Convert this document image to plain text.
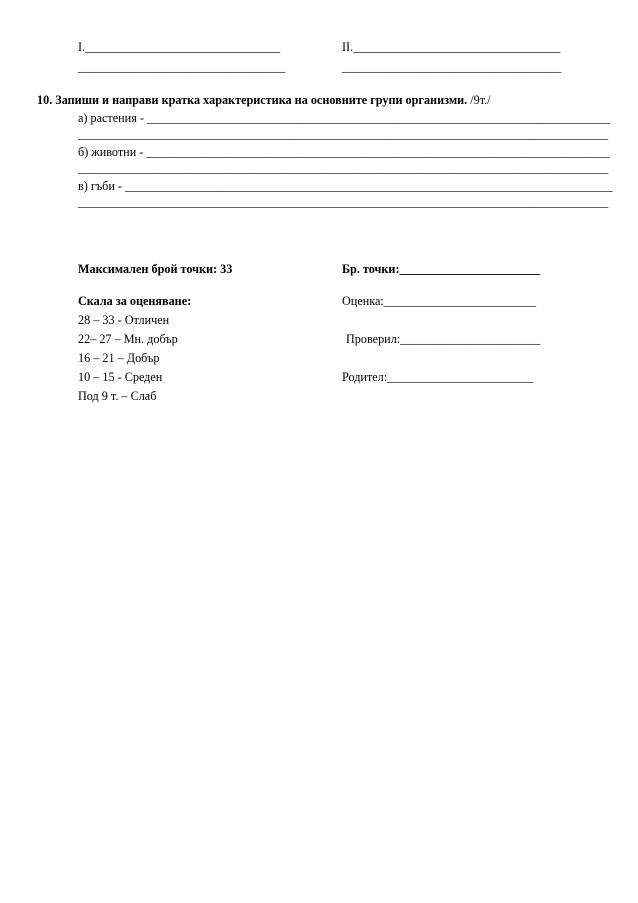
I.________________________________	II.__________________________________
__________________________________	____________________________________
10. Запиши и направи кратка характеристика на основните групи организми. /9т./
а) растения - ____________________________________________________________________________
_______________________________________________________________________________________
б) животни - ____________________________________________________________________________
_______________________________________________________________________________________
в) гъби - ________________________________________________________________________________
_______________________________________________________________________________________
Максимален брой точки: 33	Бр. точки:_______________________
Скала за оценяване:	Оценка:_________________________
28 – 33 - Отличен
22– 27 – Мн. добър	Проверил:_______________________
16 – 21 – Добър
10 – 15 - Среден	Родител:________________________
Под 9 т. – Слаб
